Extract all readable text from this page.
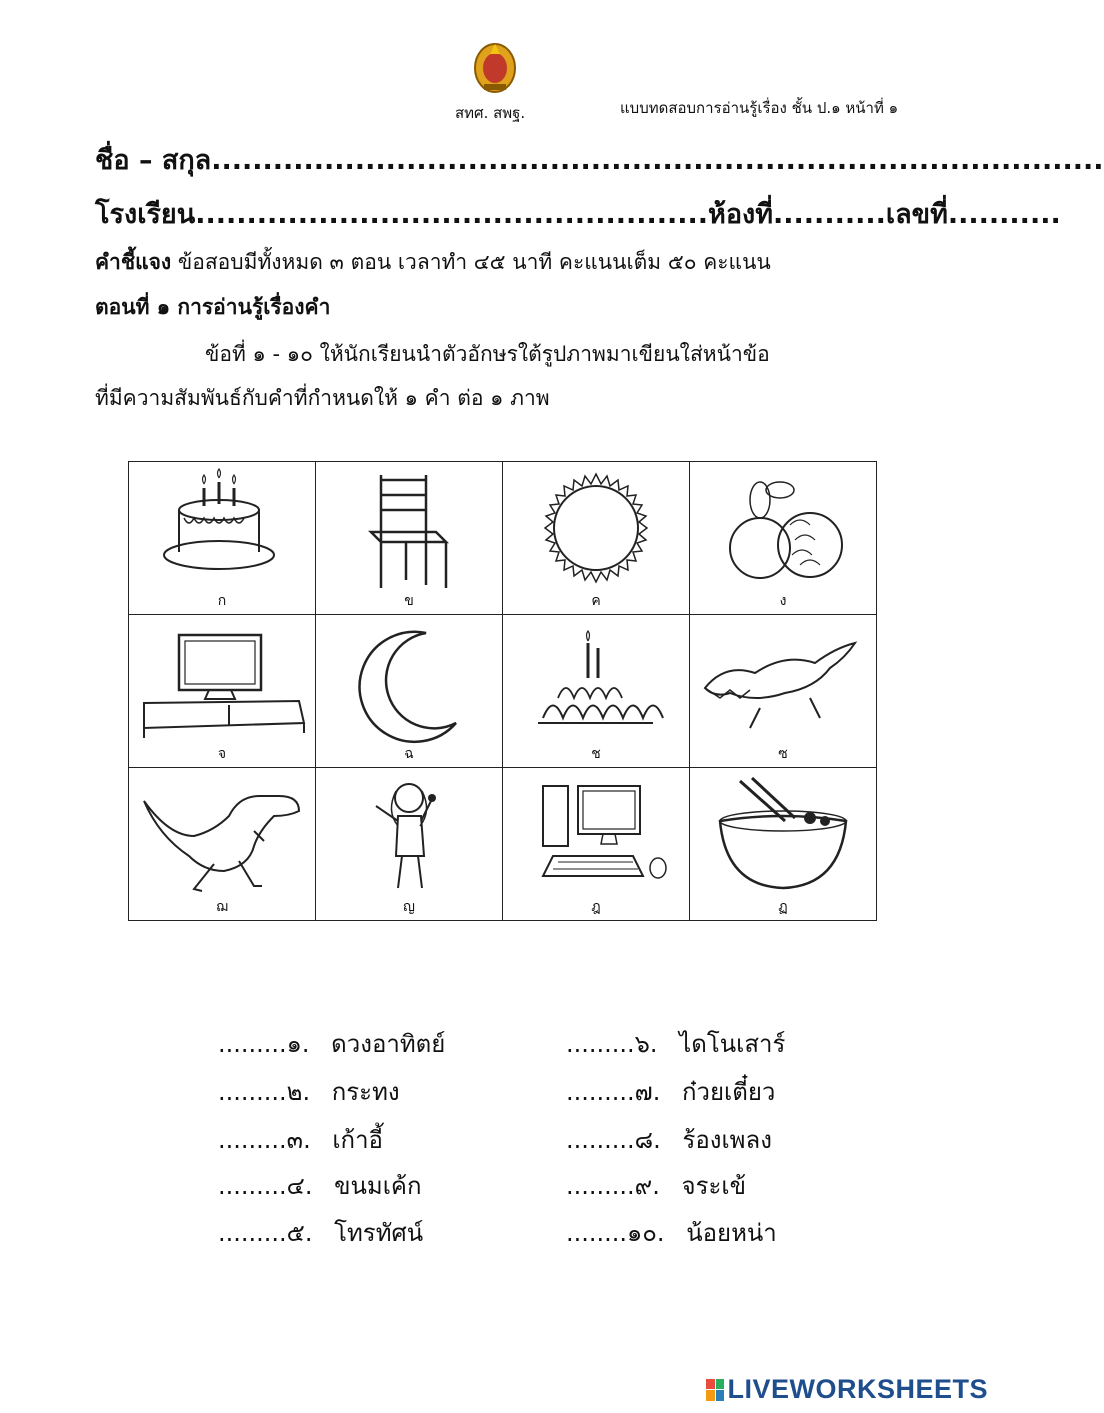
สทศ. สพฐ.	แบบทดสอบการอ่านรู้เรื่อง ชั้น ป.๑ หน้าที่ ๑
ชื่อ – สกุล.......................................................................................
โรงเรียน..................................................ห้องที่...........เลขที่...........
คำชี้แจง ข้อสอบมีทั้งหมด ๓ ตอน เวลาทำ ๔๕ นาที คะแนนเต็ม ๕๐ คะแนน
ตอนที่ ๑ การอ่านรู้เรื่องคำ
ข้อที่ ๑ - ๑๐ ให้นักเรียนนำตัวอักษรใต้รูปภาพมาเขียนใส่หน้าข้อ
ที่มีความสัมพันธ์กับคำที่กำหนดให้ ๑ คำ ต่อ ๑ ภาพ
ก	ข	ค	ง

จ	ฉ	ช	ซ

ฌ	ญ	ฎ	ฏ
.........๑. ดวงอาทิตย์
.........๒. กระทง
.........๓. เก้าอี้
.........๔. ขนมเค้ก
.........๕. โทรทัศน์
.........๖. ไดโนเสาร์
.........๗. ก๋วยเตี๋ยว
.........๘. ร้องเพลง
.........๙. จระเข้
........๑๐. น้อยหน่า
LIVEWORKSHEETS
